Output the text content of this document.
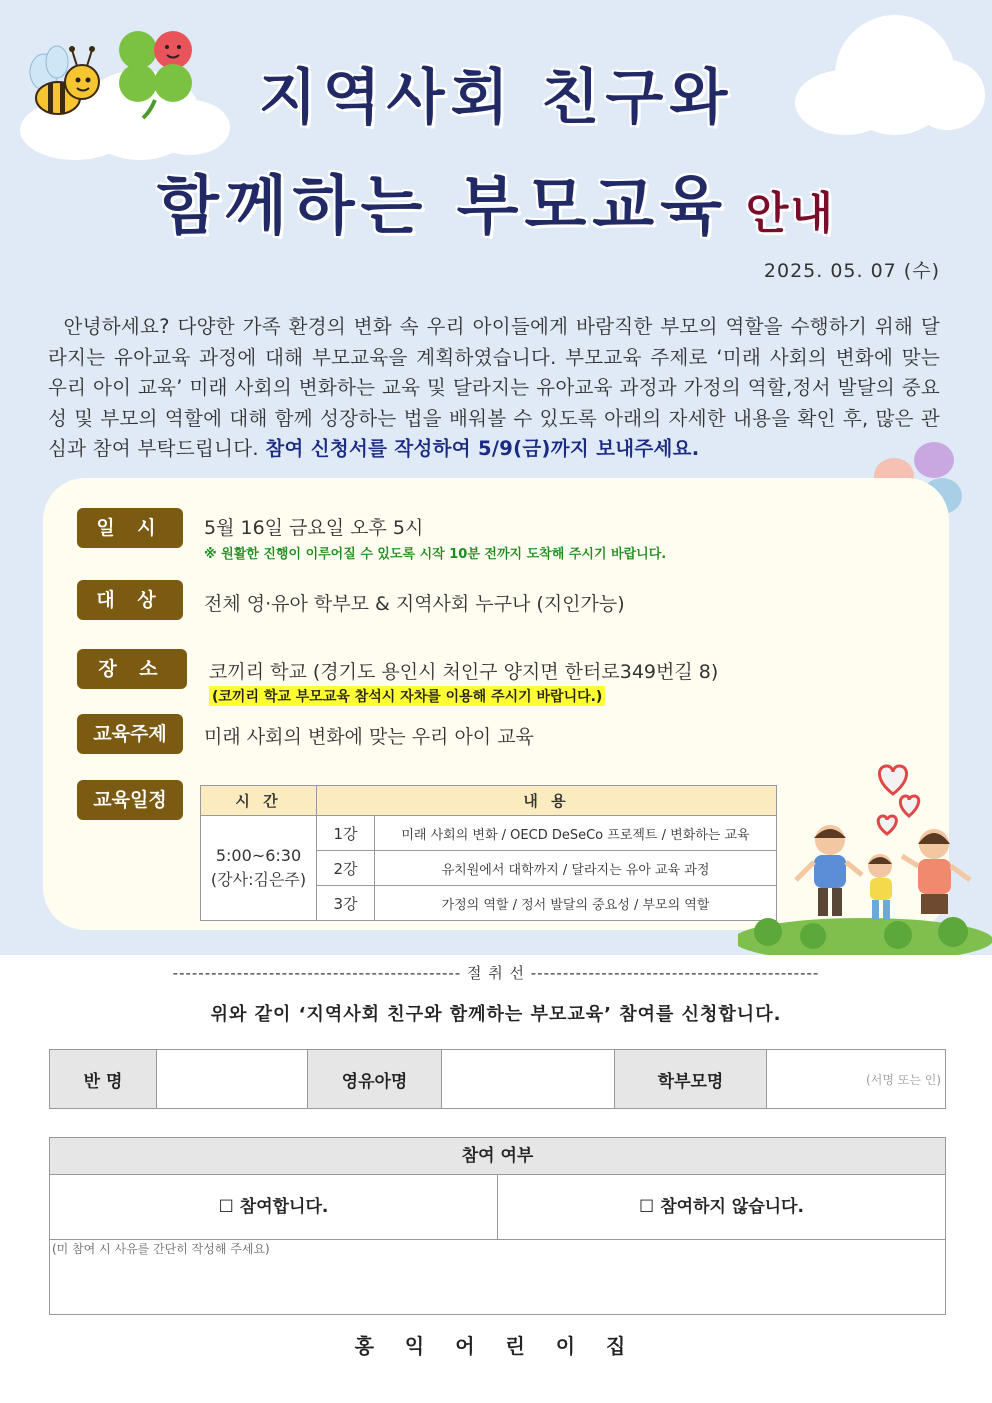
지역사회 친구와
함께하는 부모교육 안내
2025. 05. 07 (수)
안녕하세요? 다양한 가족 환경의 변화 속 우리 아이들에게 바람직한 부모의 역할을 수행하기 위해 달라지는 유아교육 과정에 대해 부모교육을 계획하였습니다. 부모교육 주제로 ‘미래 사회의 변화에 맞는 우리 아이 교육’ 미래 사회의 변화하는 교육 및 달라지는 유아교육 과정과 가정의 역할,정서 발달의 중요성 및 부모의 역할에 대해 함께 성장하는 법을 배워볼 수 있도록 아래의 자세한 내용을 확인 후, 많은 관심과 참여 부탁드립니다. 참여 신청서를 작성하여 5/9(금)까지 보내주세요.
일 시	5월 16일 금요일 오후 5시
※ 원활한 진행이 이루어질 수 있도록 시작 10분 전까지 도착해 주시기 바랍니다.
대 상	전체 영·유아 학부모 & 지역사회 누구나 (지인가능)
장 소	코끼리 학교 (경기도 용인시 처인구 양지면 한터로349번길 8)
(코끼리 학교 부모교육 참석시 자차를 이용해 주시기 바랍니다.)
교육주제	미래 사회의 변화에 맞는 우리 아이 교육
교육일정	시 간	내 용	
5:00~6:30
(강사:김은주)	1강	미래 사회의 변화 / OECD DeSeCo 프로젝트 / 변화하는 교육
	2강	유치원에서 대학까지 / 달라지는 유아 교육 과정
	3강	가정의 역할 / 정서 발달의 중요성 / 부모의 역할
--------------------------------------------- 절 취 선 ---------------------------------------------
위와 같이 ‘지역사회 친구와 함께하는 부모교육’ 참여를 신청합니다.
반 명		영유아명		학부모명	(서명 또는 인)
참여 여부
☐ 참여합니다.	☐ 참여하지 않습니다.
(미 참여 시 사유를 간단히 작성해 주세요)
홍 익 어 린 이 집
